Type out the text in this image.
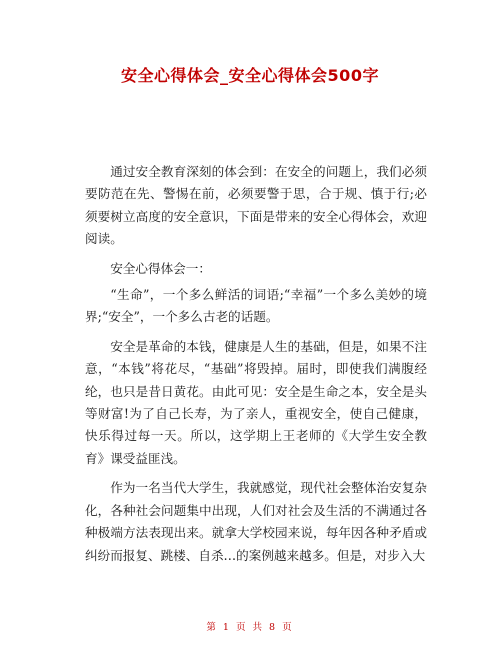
安全心得体会_安全心得体会500字

通过安全教育深刻的体会到：在安全的问题上，我们必须要防范在先、警惕在前，必须要警于思，合于规、慎于行;必须要树立高度的安全意识，下面是带来的安全心得体会，欢迎阅读。

安全心得体会一：

“生命”，一个多么鲜活的词语;“幸福”一个多么美妙的境界;“安全”，一个多么古老的话题。

安全是革命的本钱，健康是人生的基础，但是，如果不注意，“本钱”将花尽，“基础”将毁掉。届时，即使我们满腹经纶，也只是昔日黄花。由此可见：安全是生命之本，安全是头等财富!为了自己长寿，为了亲人，重视安全，使自己健康，快乐得过每一天。所以，这学期上王老师的《大学生安全教育》课受益匪浅。

作为一名当代大学生，我就感觉，现代社会整体治安复杂化，各种社会问题集中出现，人们对社会及生活的不满通过各种极端方法表现出来。就拿大学校园来说，每年因各种矛盾或纠纷而报复、跳楼、自杀…的案例越来越多。但是，对步入大

第 1 页 共 8 页
